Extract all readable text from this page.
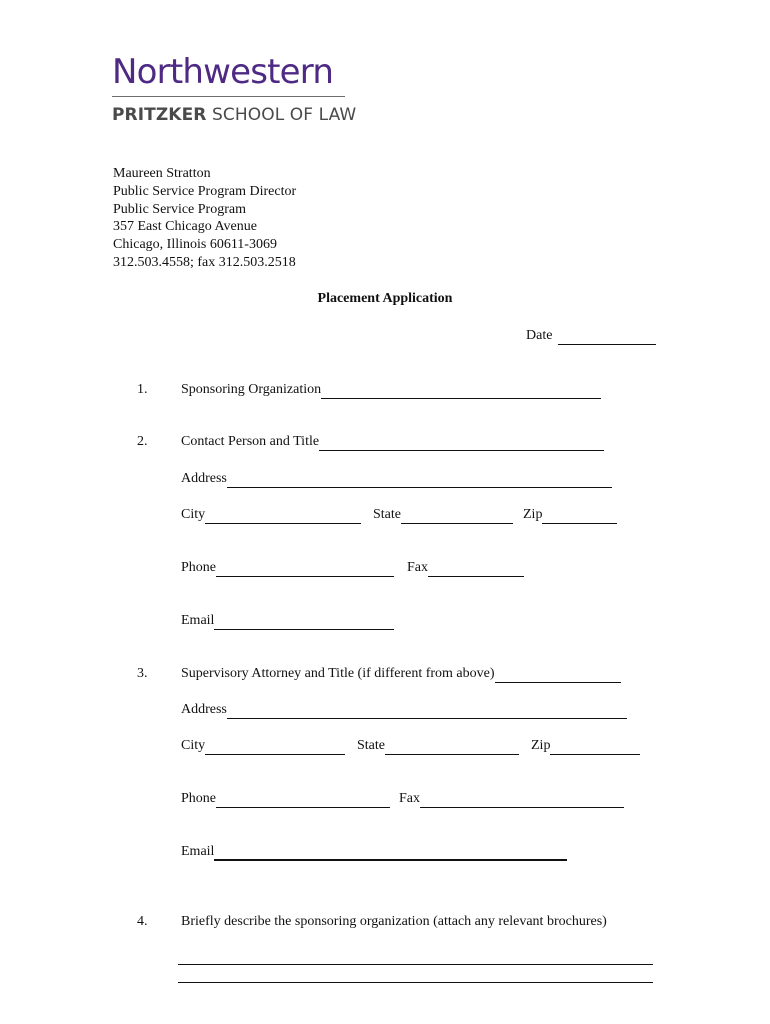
Northwestern
PRITZKER SCHOOL OF LAW
Maureen Stratton
Public Service Program Director
Public Service Program
357 East Chicago Avenue
Chicago, Illinois 60611-3069
312.503.4558; fax 312.503.2518
Placement Application
Date
1. Sponsoring Organization
2. Contact Person and Title
Address
City	State	Zip
Phone	Fax
Email
3. Supervisory Attorney and Title (if different from above)
Address
City	State	Zip
Phone	Fax
Email
4. Briefly describe the sponsoring organization (attach any relevant brochures)
